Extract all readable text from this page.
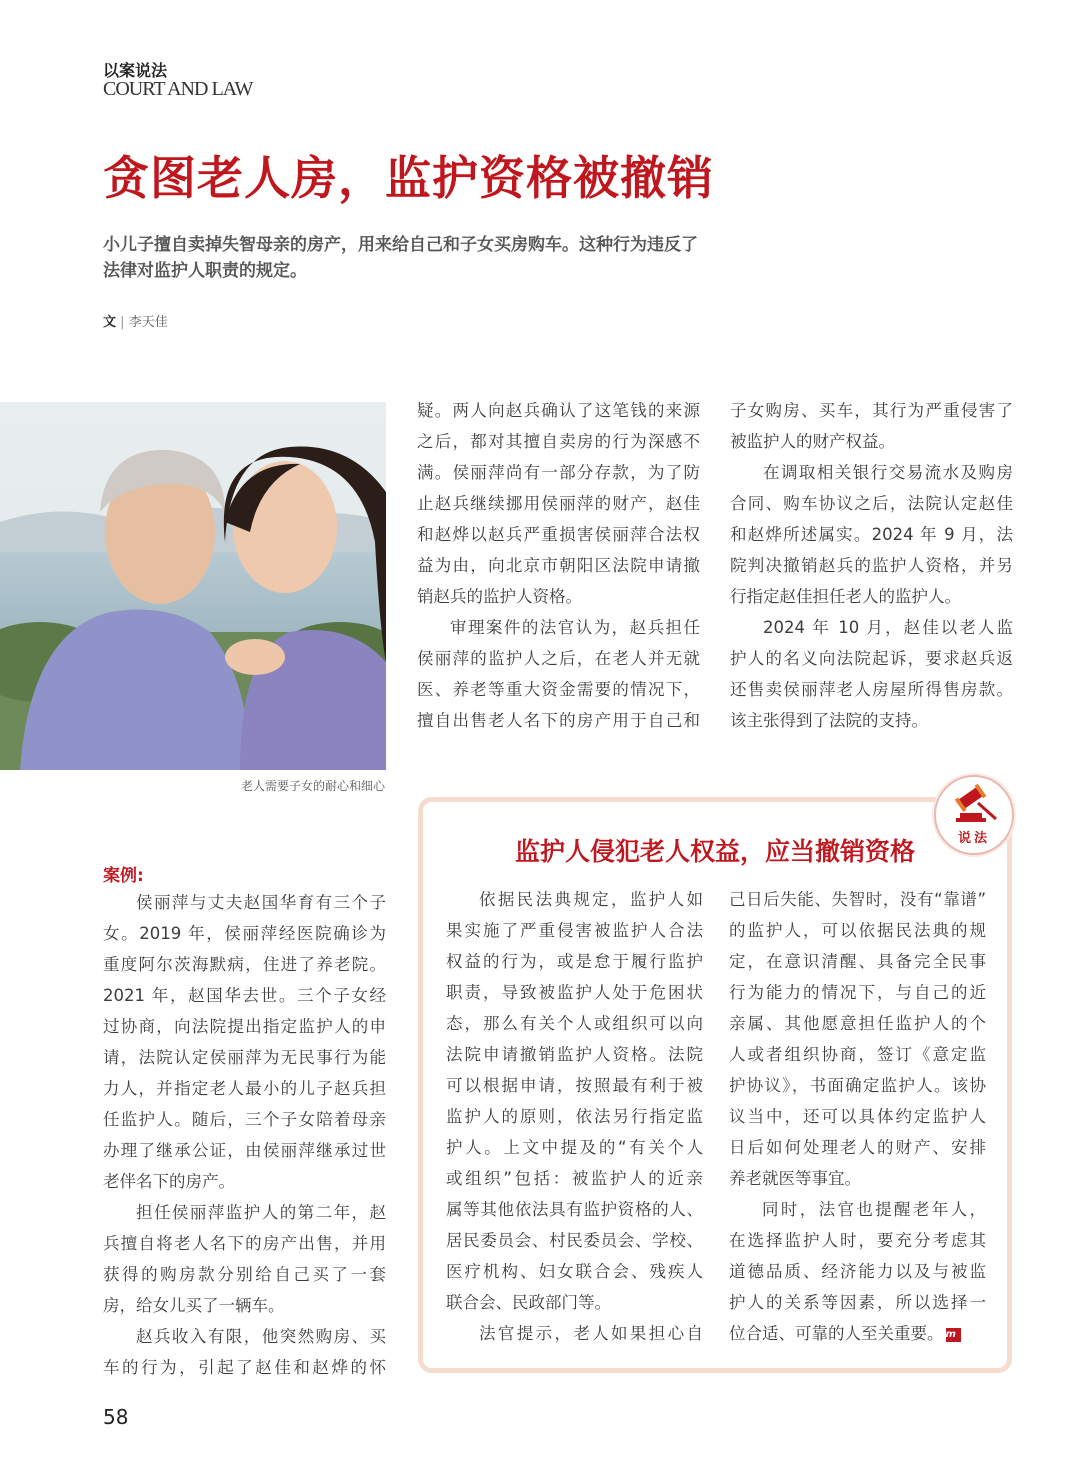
以案说法
COURT AND LAW
贪图老人房，监护资格被撤销
小儿子擅自卖掉失智母亲的房产，用来给自己和子女买房购车。这种行为违反了法律对监护人职责的规定。
文 | 李天佳
老人需要子女的耐心和细心
案例:
侯丽萍与丈夫赵国华育有三个子
女。2019 年，侯丽萍经医院确诊为
重度阿尔茨海默病，住进了养老院。
2021 年，赵国华去世。三个子女经
过协商，向法院提出指定监护人的申
请，法院认定侯丽萍为无民事行为能
力人，并指定老人最小的儿子赵兵担
任监护人。随后，三个子女陪着母亲
办理了继承公证，由侯丽萍继承过世
老伴名下的房产。
担任侯丽萍监护人的第二年，赵
兵擅自将老人名下的房产出售，并用
获得的购房款分别给自己买了一套
房，给女儿买了一辆车。
赵兵收入有限，他突然购房、买
车的行为，引起了赵佳和赵烨的怀
疑。两人向赵兵确认了这笔钱的来源
之后，都对其擅自卖房的行为深感不
满。侯丽萍尚有一部分存款，为了防
止赵兵继续挪用侯丽萍的财产，赵佳
和赵烨以赵兵严重损害侯丽萍合法权
益为由，向北京市朝阳区法院申请撤
销赵兵的监护人资格。
审理案件的法官认为，赵兵担任
侯丽萍的监护人之后，在老人并无就
医、养老等重大资金需要的情况下，
擅自出售老人名下的房产用于自己和
子女购房、买车，其行为严重侵害了
被监护人的财产权益。
在调取相关银行交易流水及购房
合同、购车协议之后，法院认定赵佳
和赵烨所述属实。2024 年 9 月，法
院判决撤销赵兵的监护人资格，并另
行指定赵佳担任老人的监护人。
2024 年 10 月，赵佳以老人监
护人的名义向法院起诉，要求赵兵返
还售卖侯丽萍老人房屋所得售房款。
该主张得到了法院的支持。
说法
监护人侵犯老人权益，应当撤销资格
依据民法典规定，监护人如
果实施了严重侵害被监护人合法
权益的行为，或是怠于履行监护
职责，导致被监护人处于危困状
态，那么有关个人或组织可以向
法院申请撤销监护人资格。法院
可以根据申请，按照最有利于被
监护人的原则，依法另行指定监
护人。上文中提及的“有关个人
或组织”包括：被监护人的近亲
属等其他依法具有监护资格的人、
居民委员会、村民委员会、学校、
医疗机构、妇女联合会、残疾人
联合会、民政部门等。
法官提示，老人如果担心自
己日后失能、失智时，没有“靠谱”
的监护人，可以依据民法典的规
定，在意识清醒、具备完全民事
行为能力的情况下，与自己的近
亲属、其他愿意担任监护人的个
人或者组织协商，签订《意定监
护协议》，书面确定监护人。该协
议当中，还可以具体约定监护人
日后如何处理老人的财产、安排
养老就医等事宜。
同时，法官也提醒老年人，
在选择监护人时，要充分考虑其
道德品质、经济能力以及与被监
护人的关系等因素，所以选择一
位合适、可靠的人至关重要。 m
58
